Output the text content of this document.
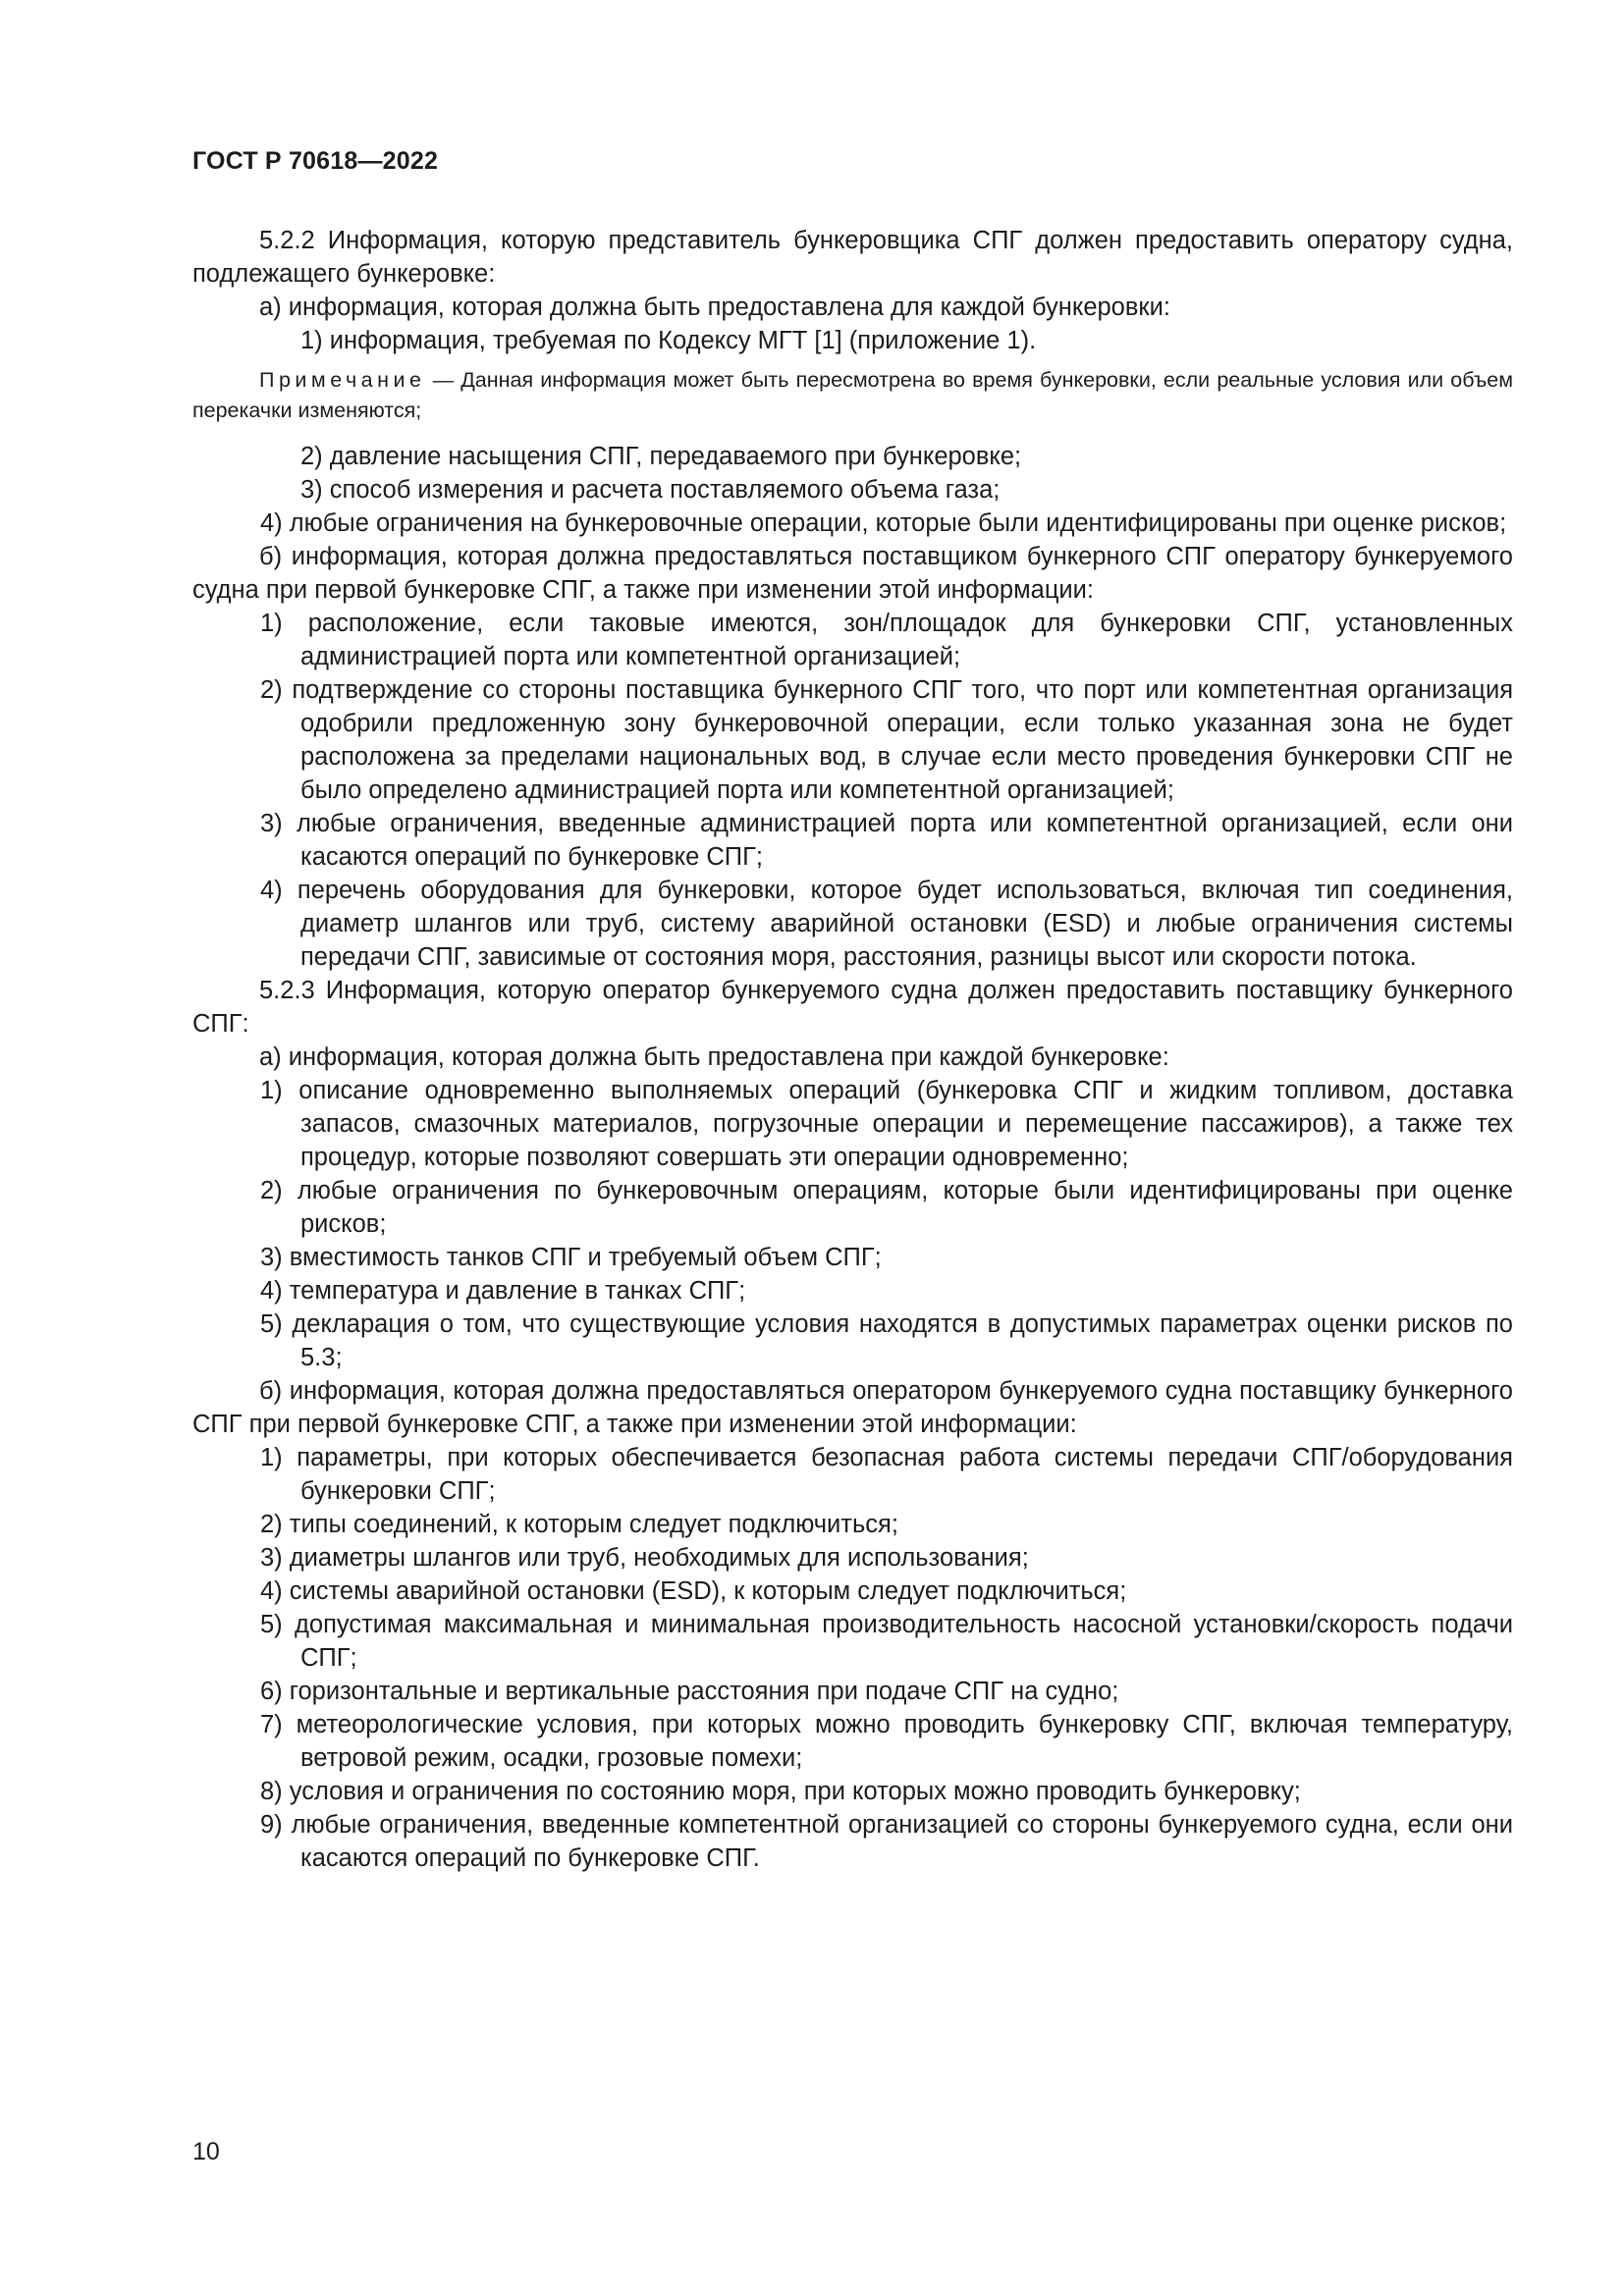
ГОСТ Р 70618—2022

5.2.2 Информация, которую представитель бункеровщика СПГ должен предоставить оператору судна, подлежащего бункеровке:

а) информация, которая должна быть предоставлена для каждой бункеровки:

1) информация, требуемая по Кодексу МГТ [1] (приложение 1).

Примечание — Данная информация может быть пересмотрена во время бункеровки, если реальные условия или объем перекачки изменяются;

2) давление насыщения СПГ, передаваемого при бункеровке;

3) способ измерения и расчета поставляемого объема газа;

4) любые ограничения на бункеровочные операции, которые были идентифицированы при оценке рисков;

б) информация, которая должна предоставляться поставщиком бункерного СПГ оператору бункеруемого судна при первой бункеровке СПГ, а также при изменении этой информации:

1) расположение, если таковые имеются, зон/площадок для бункеровки СПГ, установленных администрацией порта или компетентной организацией;

2) подтверждение со стороны поставщика бункерного СПГ того, что порт или компетентная организация одобрили предложенную зону бункеровочной операции, если только указанная зона не будет расположена за пределами национальных вод, в случае если место проведения бункеровки СПГ не было определено администрацией порта или компетентной организацией;

3) любые ограничения, введенные администрацией порта или компетентной организацией, если они касаются операций по бункеровке СПГ;

4) перечень оборудования для бункеровки, которое будет использоваться, включая тип соединения, диаметр шлангов или труб, систему аварийной остановки (ESD) и любые ограничения системы передачи СПГ, зависимые от состояния моря, расстояния, разницы высот или скорости потока.

5.2.3 Информация, которую оператор бункеруемого судна должен предоставить поставщику бункерного СПГ:

а) информация, которая должна быть предоставлена при каждой бункеровке:

1) описание одновременно выполняемых операций (бункеровка СПГ и жидким топливом, доставка запасов, смазочных материалов, погрузочные операции и перемещение пассажиров), а также тех процедур, которые позволяют совершать эти операции одновременно;

2) любые ограничения по бункеровочным операциям, которые были идентифицированы при оценке рисков;

3) вместимость танков СПГ и требуемый объем СПГ;

4) температура и давление в танках СПГ;

5) декларация о том, что существующие условия находятся в допустимых параметрах оценки рисков по 5.3;

б) информация, которая должна предоставляться оператором бункеруемого судна поставщику бункерного СПГ при первой бункеровке СПГ, а также при изменении этой информации:

1) параметры, при которых обеспечивается безопасная работа системы передачи СПГ/оборудования бункеровки СПГ;

2) типы соединений, к которым следует подключиться;

3) диаметры шлангов или труб, необходимых для использования;

4) системы аварийной остановки (ESD), к которым следует подключиться;

5) допустимая максимальная и минимальная производительность насосной установки/скорость подачи СПГ;

6) горизонтальные и вертикальные расстояния при подаче СПГ на судно;

7) метеорологические условия, при которых можно проводить бункеровку СПГ, включая температуру, ветровой режим, осадки, грозовые помехи;

8) условия и ограничения по состоянию моря, при которых можно проводить бункеровку;

9) любые ограничения, введенные компетентной организацией со стороны бункеруемого судна, если они касаются операций по бункеровке СПГ.

10
